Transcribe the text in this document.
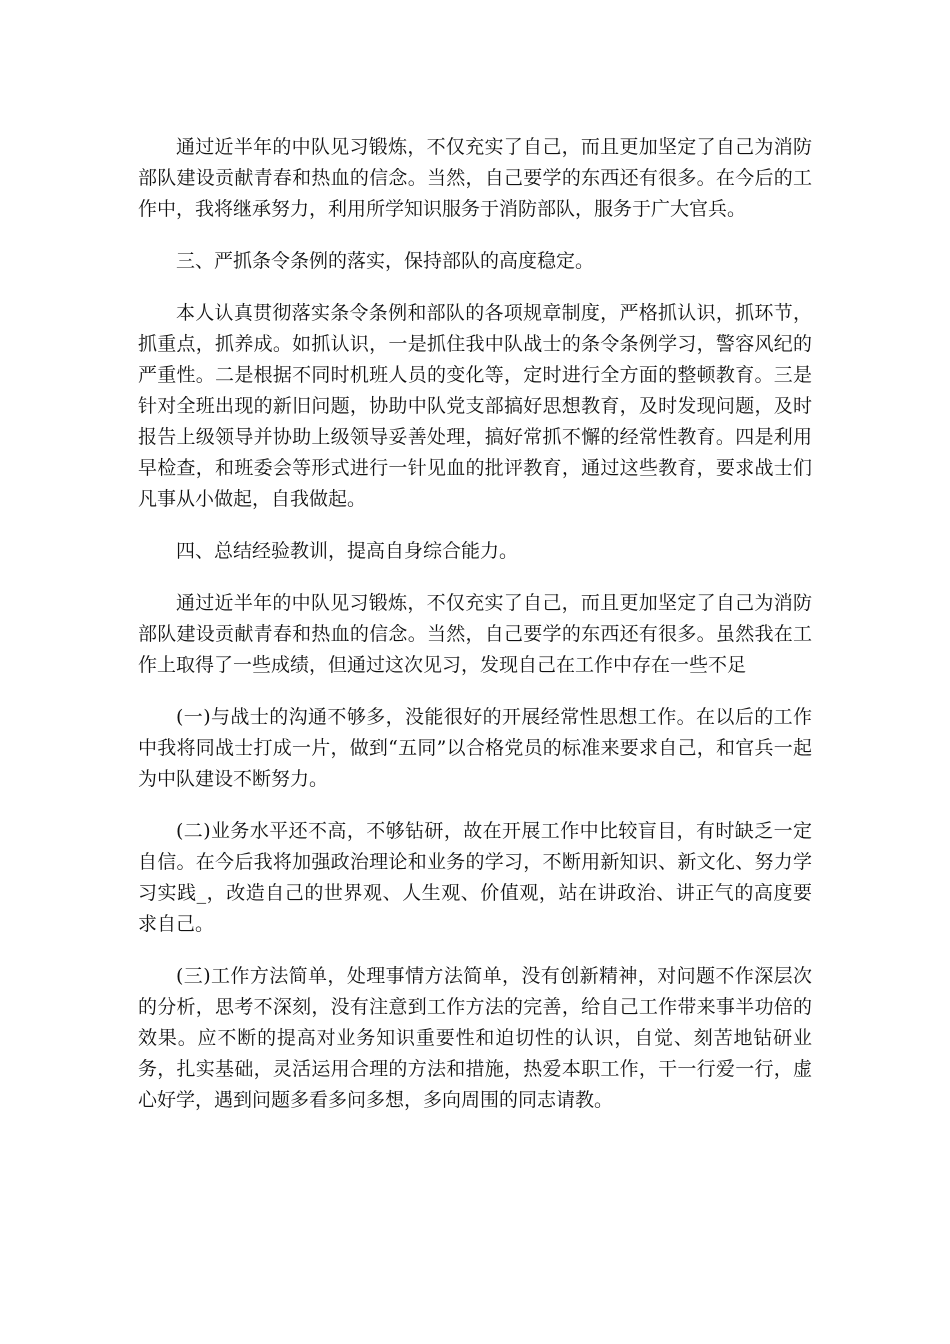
通过近半年的中队见习锻炼，不仅充实了自己，而且更加坚定了自己为消防部队建设贡献青春和热血的信念。当然，自己要学的东西还有很多。在今后的工作中，我将继承努力，利用所学知识服务于消防部队，服务于广大官兵。

三、严抓条令条例的落实，保持部队的高度稳定。

本人认真贯彻落实条令条例和部队的各项规章制度，严格抓认识，抓环节，抓重点，抓养成。如抓认识，一是抓住我中队战士的条令条例学习，警容风纪的严重性。二是根据不同时机班人员的变化等，定时进行全方面的整顿教育。三是针对全班出现的新旧问题，协助中队党支部搞好思想教育，及时发现问题，及时报告上级领导并协助上级领导妥善处理，搞好常抓不懈的经常性教育。四是利用早检查，和班委会等形式进行一针见血的批评教育，通过这些教育，要求战士们凡事从小做起，自我做起。

四、总结经验教训，提高自身综合能力。

通过近半年的中队见习锻炼，不仅充实了自己，而且更加坚定了自己为消防部队建设贡献青春和热血的信念。当然，自己要学的东西还有很多。虽然我在工作上取得了一些成绩，但通过这次见习，发现自己在工作中存在一些不足

(一)与战士的沟通不够多，没能很好的开展经常性思想工作。在以后的工作中我将同战士打成一片，做到“五同”以合格党员的标准来要求自己，和官兵一起为中队建设不断努力。

(二)业务水平还不高，不够钻研，故在开展工作中比较盲目，有时缺乏一定自信。在今后我将加强政治理论和业务的学习，不断用新知识、新文化、努力学习实践_，改造自己的世界观、人生观、价值观，站在讲政治、讲正气的高度要求自己。

(三)工作方法简单，处理事情方法简单，没有创新精神，对问题不作深层次的分析，思考不深刻，没有注意到工作方法的完善，给自己工作带来事半功倍的效果。应不断的提高对业务知识重要性和迫切性的认识，自觉、刻苦地钻研业务，扎实基础，灵活运用合理的方法和措施，热爱本职工作，干一行爱一行，虚心好学，遇到问题多看多问多想，多向周围的同志请教。
